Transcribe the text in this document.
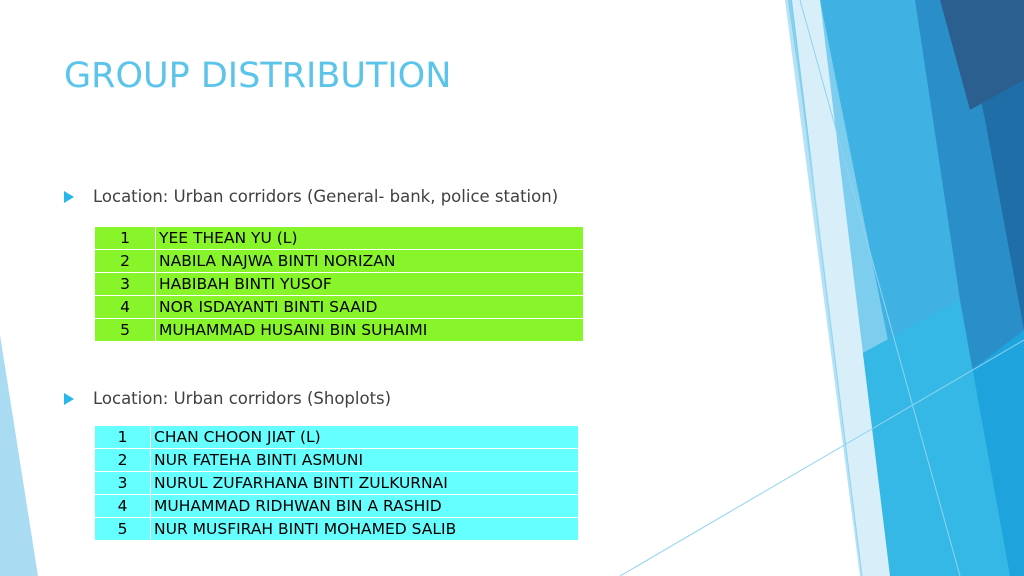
GROUP DISTRIBUTION
Location: Urban corridors (General- bank, police station)
1	YEE THEAN YU (L)
2	NABILA NAJWA BINTI NORIZAN
3	HABIBAH BINTI YUSOF
4	NOR ISDAYANTI BINTI SAAID
5	MUHAMMAD HUSAINI BIN SUHAIMI
Location: Urban corridors (Shoplots)
1	CHAN CHOON JIAT (L)
2	NUR FATEHA BINTI ASMUNI
3	NURUL ZUFARHANA BINTI ZULKURNAI
4	MUHAMMAD RIDHWAN BIN A RASHID
5	NUR MUSFIRAH BINTI MOHAMED SALIB
